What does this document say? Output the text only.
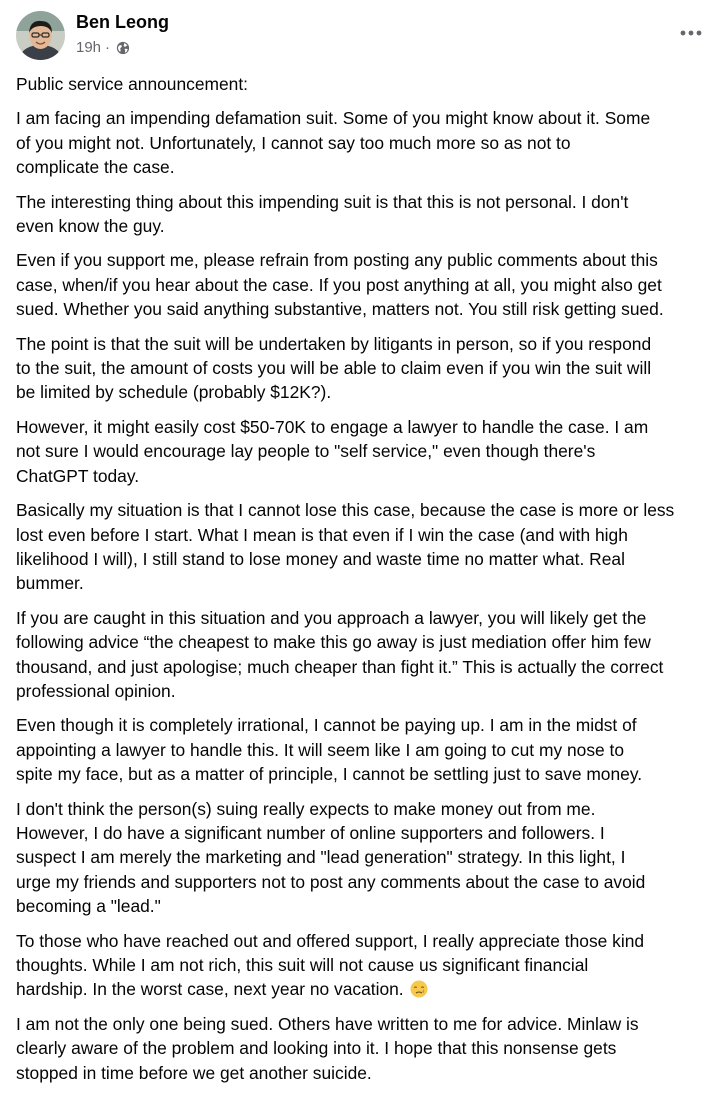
Ben Leong
19h ·

Public service announcement:

I am facing an impending defamation suit. Some of you might know about it. Some
of you might not. Unfortunately, I cannot say too much more so as not to
complicate the case.

The interesting thing about this impending suit is that this is not personal. I don't
even know the guy.

Even if you support me, please refrain from posting any public comments about this
case, when/if you hear about the case. If you post anything at all, you might also get
sued. Whether you said anything substantive, matters not. You still risk getting sued.

The point is that the suit will be undertaken by litigants in person, so if you respond
to the suit, the amount of costs you will be able to claim even if you win the suit will
be limited by schedule (probably $12K?).

However, it might easily cost $50-70K to engage a lawyer to handle the case. I am
not sure I would encourage lay people to "self service," even though there's
ChatGPT today.

Basically my situation is that I cannot lose this case, because the case is more or less
lost even before I start. What I mean is that even if I win the case (and with high
likelihood I will), I still stand to lose money and waste time no matter what. Real
bummer.

If you are caught in this situation and you approach a lawyer, you will likely get the
following advice “the cheapest to make this go away is just mediation offer him few
thousand, and just apologise; much cheaper than fight it.” This is actually the correct
professional opinion.

Even though it is completely irrational, I cannot be paying up. I am in the midst of
appointing a lawyer to handle this. It will seem like I am going to cut my nose to
spite my face, but as a matter of principle, I cannot be settling just to save money.

I don't think the person(s) suing really expects to make money out from me.
However, I do have a significant number of online supporters and followers. I
suspect I am merely the marketing and "lead generation" strategy. In this light, I
urge my friends and supporters not to post any comments about the case to avoid
becoming a "lead."

To those who have reached out and offered support, I really appreciate those kind
thoughts. While I am not rich, this suit will not cause us significant financial
hardship. In the worst case, next year no vacation.

I am not the only one being sued. Others have written to me for advice. Minlaw is
clearly aware of the problem and looking into it. I hope that this nonsense gets
stopped in time before we get another suicide.
